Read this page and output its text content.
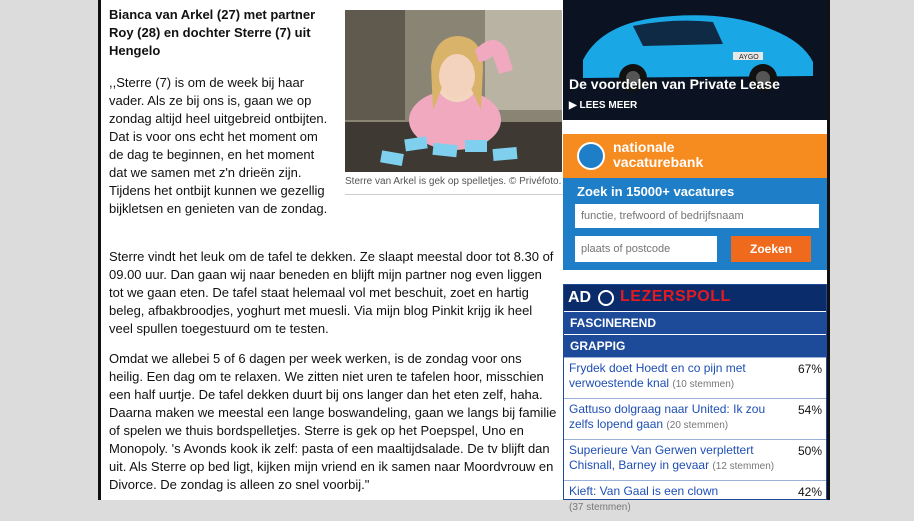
Bianca van Arkel (27) met partner Roy (28) en dochter Sterre (7) uit Hengelo

,,Sterre (7) is om de week bij haar vader. Als ze bij ons is, gaan we op zondag altijd heel uitgebreid ontbijten. Dat is voor ons echt het moment om de dag te beginnen, en het moment dat we samen met z'n drieën zijn. Tijdens het ontbijt kunnen we gezellig bijkletsen en genieten van de zondag.

Sterre van Arkel is gek op spelletjes. © Privéfoto.

Sterre vindt het leuk om de tafel te dekken. Ze slaapt meestal door tot 8.30 of 09.00 uur. Dan gaan wij naar beneden en blijft mijn partner nog even liggen tot we gaan eten. De tafel staat helemaal vol met beschuit, zoet en hartig beleg, afbakbroodjes, yoghurt met muesli. Via mijn blog Pinkit krijg ik heel veel spullen toegestuurd om te testen.

Omdat we allebei 5 of 6 dagen per week werken, is de zondag voor ons heilig. Een dag om te relaxen. We zitten niet uren te tafelen hoor, misschien een half uurtje. De tafel dekken duurt bij ons langer dan het eten zelf, haha. Daarna maken we meestal een lange boswandeling, gaan we langs bij familie of spelen we thuis bordspelletjes. Sterre is gek op het Poepspel, Uno en Monopoly. 's Avonds kook ik zelf: pasta of een maaltijdsalade. De tv blijft dan uit. Als Sterre op bed ligt, kijken mijn vriend en ik samen naar Moordvrouw en Divorce. De zondag is alleen zo snel voorbij."

AYGO
De voordelen van Private Lease
▶ LEES MEER
nationale vacaturebank
Zoek in 15000+ vacatures
functie, trefwoord of bedrijfsnaam
plaats of postcode
Zoeken
AD LEZERSPOLL
FASCINEREND
GRAPPIG
Frydek doet Hoedt en co pijn met verwoestende knal (10 stemmen)
67%
Gattuso dolgraag naar United: Ik zou zelfs lopend gaan (20 stemmen)
54%
Superieure Van Gerwen verplettert Chisnall, Barney in gevaar (12 stemmen)
50%
Kieft: Van Gaal is een clown
(37 stemmen)
42%
